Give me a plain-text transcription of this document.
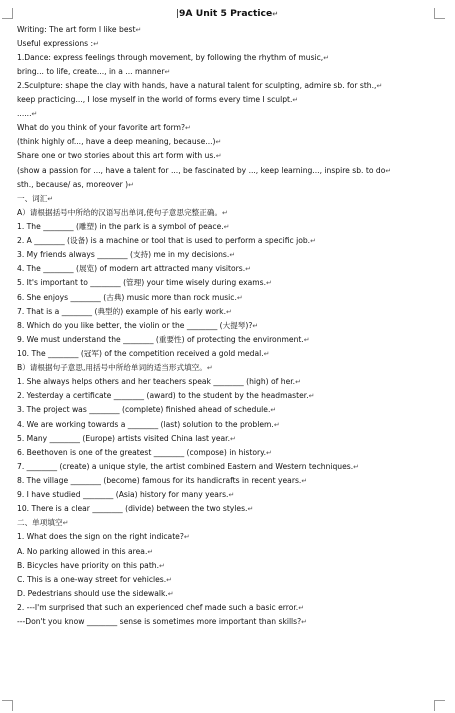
|9A Unit 5 Practice↵
Writing: The art form I like best↵
Useful expressions :↵
1.Dance: express feelings through movement, by following the rhythm of music,↵
bring... to life, create..., in a ... manner↵
2.Sculpture: shape the clay with hands, have a natural talent for sculpting, admire sb. for sth.,↵
keep practicing..., I lose myself in the world of forms every time I sculpt.↵
......↵
What do you think of your favorite art form?↵
(think highly of..., have a deep meaning, because...)↵
Share one or two stories about this art form with us.↵
(show a passion for ..., have a talent for ..., be fascinated by ..., keep learning..., inspire sb. to do↵
sth., because/ as, moreover )↵
一、词汇↵
A）请根据括号中所给的汉语写出单词,使句子意思完整正确。↵
1. The ________ (雕塑) in the park is a symbol of peace.↵
2. A ________ (设备) is a machine or tool that is used to perform a specific job.↵
3. My friends always ________ (支持) me in my decisions.↵
4. The ________ (展览) of modern art attracted many visitors.↵
5. It's important to ________ (管理) your time wisely during exams.↵
6. She enjoys ________ (古典) music more than rock music.↵
7. That is a ________ (典型的) example of his early work.↵
8. Which do you like better, the violin or the ________ (大提琴)?↵
9. We must understand the ________ (重要性) of protecting the environment.↵
10. The ________ (冠军) of the competition received a gold medal.↵
B）请根据句子意思,用括号中所给单词的适当形式填空。↵
1. She always helps others and her teachers speak ________ (high) of her.↵
2. Yesterday a certificate ________ (award) to the student by the headmaster.↵
3. The project was ________ (complete) finished ahead of schedule.↵
4. We are working towards a ________ (last) solution to the problem.↵
5. Many ________ (Europe) artists visited China last year.↵
6. Beethoven is one of the greatest ________ (compose) in history.↵
7. ________ (create) a unique style, the artist combined Eastern and Western techniques.↵
8. The village ________ (become) famous for its handicrafts in recent years.↵
9. I have studied ________ (Asia) history for many years.↵
10. There is a clear ________ (divide) between the two styles.↵
二、单项填空↵
1. What does the sign on the right indicate?↵
A. No parking allowed in this area.↵
B. Bicycles have priority on this path.↵
C. This is a one-way street for vehicles.↵
D. Pedestrians should use the sidewalk.↵
2. ---I'm surprised that such an experienced chef made such a basic error.↵
---Don't you know ________ sense is sometimes more important than skills?↵
